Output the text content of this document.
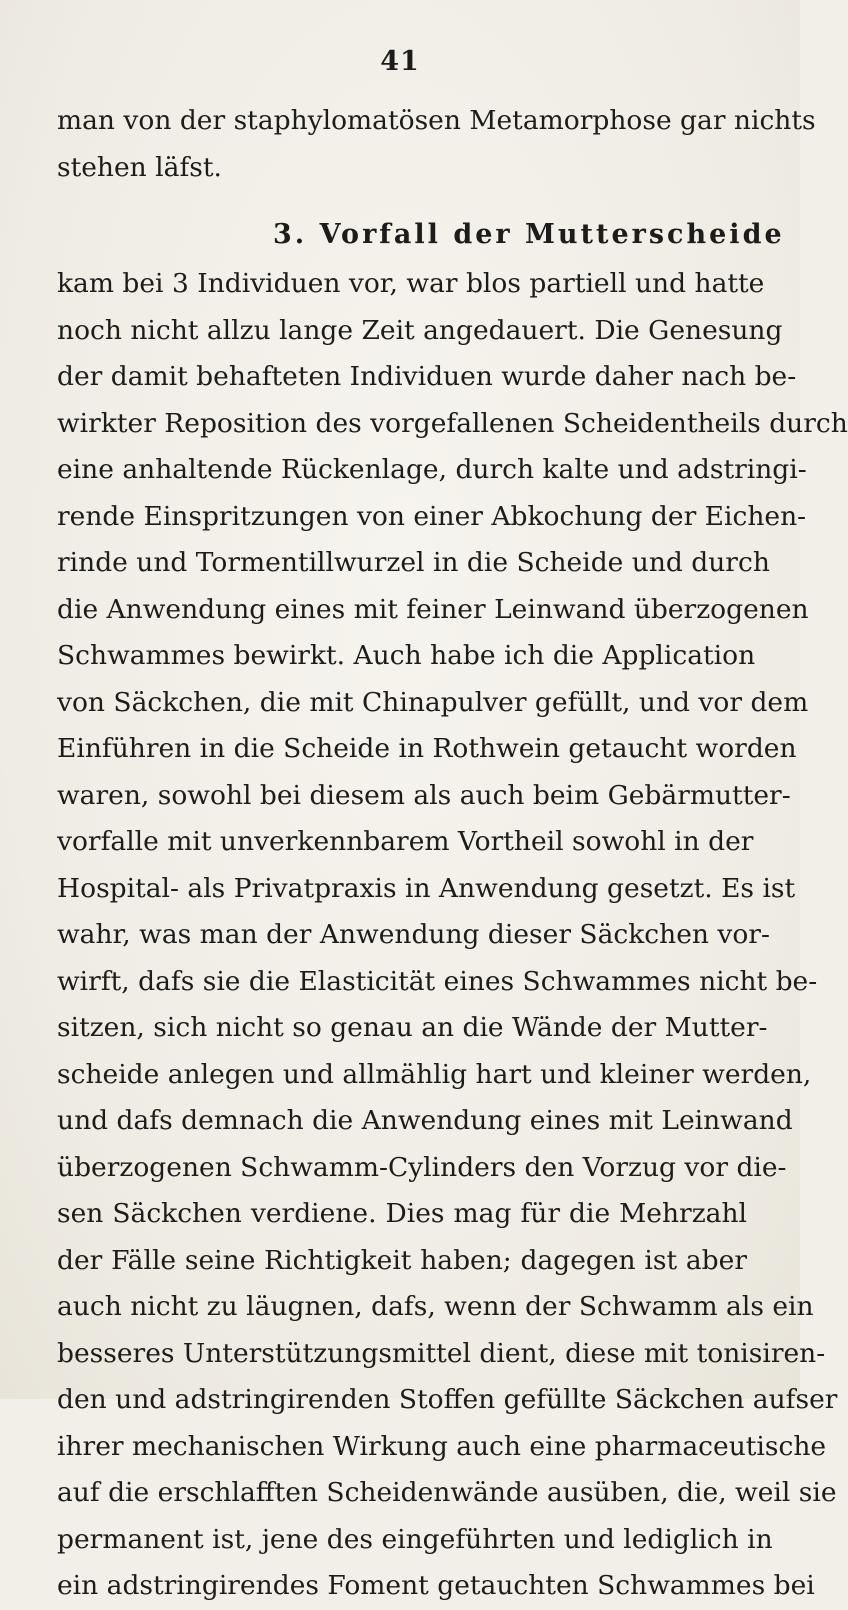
41
man von der staphylomatösen Metamorphose gar nichts
stehen läfst.
3. Vorfall der Mutterscheide
kam bei 3 Individuen vor, war blos partiell und hatte
noch nicht allzu lange Zeit angedauert. Die Genesung
der damit behafteten Individuen wurde daher nach be-
wirkter Reposition des vorgefallenen Scheidentheils durch
eine anhaltende Rückenlage, durch kalte und adstringi-
rende Einspritzungen von einer Abkochung der Eichen-
rinde und Tormentillwurzel in die Scheide und durch
die Anwendung eines mit feiner Leinwand überzogenen
Schwammes bewirkt. Auch habe ich die Application
von Säckchen, die mit Chinapulver gefüllt, und vor dem
Einführen in die Scheide in Rothwein getaucht worden
waren, sowohl bei diesem als auch beim Gebärmutter-
vorfalle mit unverkennbarem Vortheil sowohl in der
Hospital- als Privatpraxis in Anwendung gesetzt. Es ist
wahr, was man der Anwendung dieser Säckchen vor-
wirft, dafs sie die Elasticität eines Schwammes nicht be-
sitzen, sich nicht so genau an die Wände der Mutter-
scheide anlegen und allmählig hart und kleiner werden,
und dafs demnach die Anwendung eines mit Leinwand
überzogenen Schwamm-Cylinders den Vorzug vor die-
sen Säckchen verdiene. Dies mag für die Mehrzahl
der Fälle seine Richtigkeit haben; dagegen ist aber
auch nicht zu läugnen, dafs, wenn der Schwamm als ein
besseres Unterstützungsmittel dient, diese mit tonisiren-
den und adstringirenden Stoffen gefüllte Säckchen aufser
ihrer mechanischen Wirkung auch eine pharmaceutische
auf die erschlafften Scheidenwände ausüben, die, weil sie
permanent ist, jene des eingeführten und lediglich in
ein adstringirendes Foment getauchten Schwammes bei
